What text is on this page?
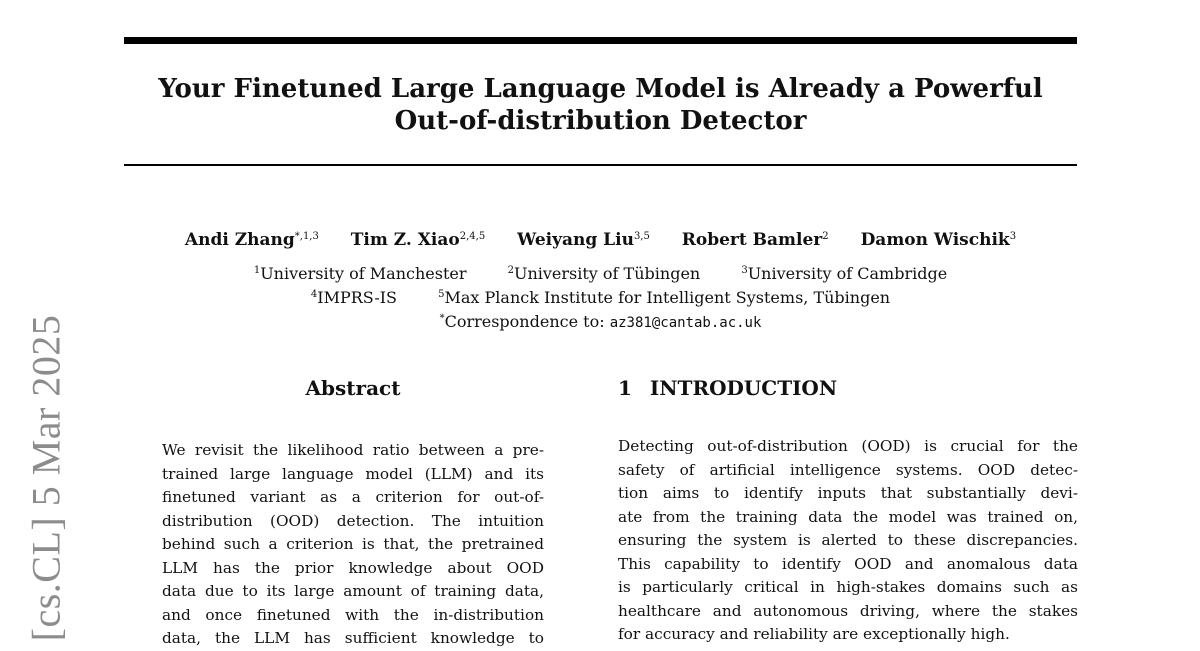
Your Finetuned Large Language Model is Already a Powerful
Out-of-distribution Detector
Andi Zhang$^{*,1,3}$ Tim Z. Xiao$^{2,4,5}$ Weiyang Liu$^{3,5}$ Robert Bamler$^2$ Damon Wischik$^3$
$^1$University of Manchester	$^2$University of Tübingen	$^3$University of Cambridge
$^4$IMPRS-IS	$^5$Max Planck Institute for Intelligent Systems, Tübingen
*Correspondence to: az381@cantab.ac.uk
[cs.CL] 5 Mar 2025	Abstract	1 INTRODUCTION
We revisit the likelihood ratio between a pre-
trained large language model (LLM) and its
finetuned variant as a criterion for out-of-
distribution (OOD) detection. The intuition
behind such a criterion is that, the pretrained
LLM has the prior knowledge about OOD
data due to its large amount of training data,
and once finetuned with the in-distribution
data, the LLM has sufficient knowledge to
Detecting out-of-distribution (OOD) is crucial for the
safety of artificial intelligence systems. OOD detec-
tion aims to identify inputs that substantially devi-
ate from the training data the model was trained on,
ensuring the system is alerted to these discrepancies.
This capability to identify OOD and anomalous data
is particularly critical in high-stakes domains such as
healthcare and autonomous driving, where the stakes
for accuracy and reliability are exceptionally high.
